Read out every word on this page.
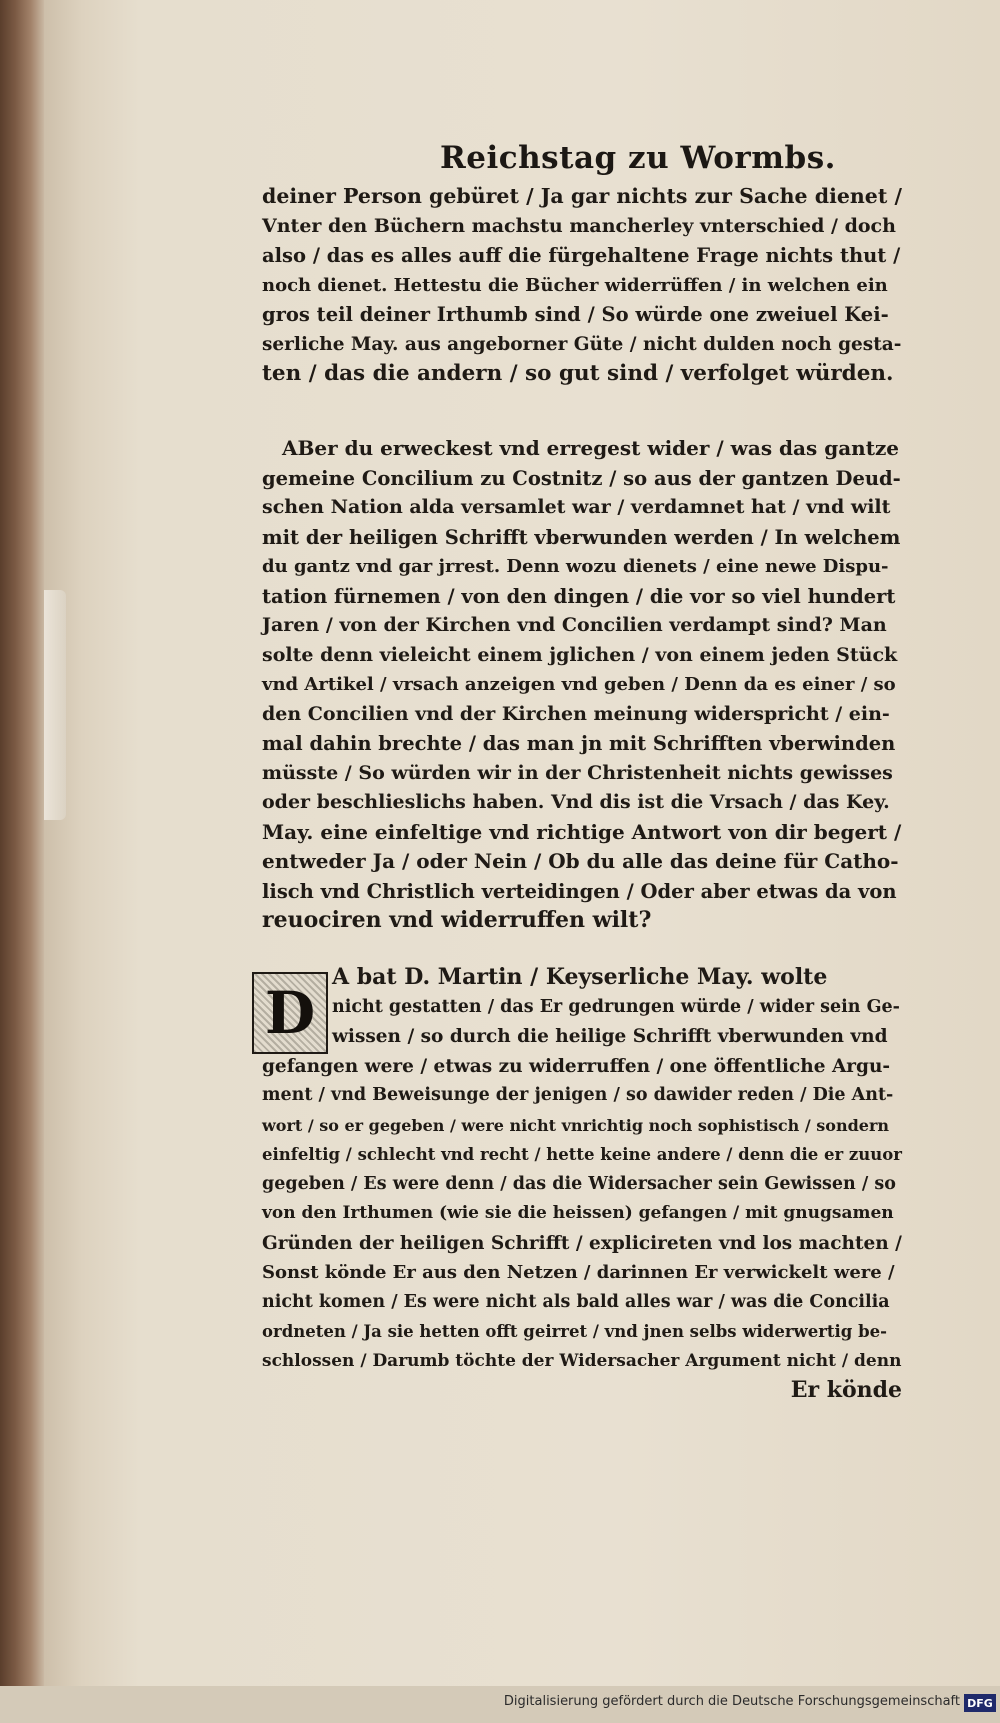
Reichstag zu Wormbs.
deiner Person gebüret / Ja gar nichts zur Sache dienet /
Vnter den Büchern machstu mancherley vnterschied / doch
also / das es alles auff die fürgehaltene Frage nichts thut /
noch dienet. Hettestu die Bücher widerrüffen / in welchen ein
gros teil deiner Irthumb sind / So würde one zweiuel Kei-
serliche May. aus angeborner Güte / nicht dulden noch gesta-
ten / das die andern / so gut sind / verfolget würden.
ABer du erweckest vnd erregest wider / was das gantze
gemeine Concilium zu Costnitz / so aus der gantzen Deud-
schen Nation alda versamlet war / verdamnet hat / vnd wilt
mit der heiligen Schrifft vberwunden werden / In welchem
du gantz vnd gar jrrest. Denn wozu dienets / eine newe Dispu-
tation fürnemen / von den dingen / die vor so viel hundert
Jaren / von der Kirchen vnd Concilien verdampt sind? Man
solte denn vieleicht einem jglichen / von einem jeden Stück
vnd Artikel / vrsach anzeigen vnd geben / Denn da es einer / so
den Concilien vnd der Kirchen meinung widerspricht / ein-
mal dahin brechte / das man jn mit Schrifften vberwinden
müsste / So würden wir in der Christenheit nichts gewisses
oder beschlieslichs haben. Vnd dis ist die Vrsach / das Key.
May. eine einfeltige vnd richtige Antwort von dir begert /
entweder Ja / oder Nein / Ob du alle das deine für Catho-
lisch vnd Christlich verteidingen / Oder aber etwas da von
reuociren vnd widerruffen wilt?
D
A bat D. Martin / Keyserliche May. wolte
nicht gestatten / das Er gedrungen würde / wider sein Ge-
wissen / so durch die heilige Schrifft vberwunden vnd
gefangen were / etwas zu widerruffen / one öffentliche Argu-
ment / vnd Beweisunge der jenigen / so dawider reden / Die Ant-
wort / so er gegeben / were nicht vnrichtig noch sophistisch / sondern
einfeltig / schlecht vnd recht / hette keine andere / denn die er zuuor
gegeben / Es were denn / das die Widersacher sein Gewissen / so
von den Irthumen (wie sie die heissen) gefangen / mit gnugsamen
Gründen der heiligen Schrifft / explicireten vnd los machten /
Sonst könde Er aus den Netzen / darinnen Er verwickelt were /
nicht komen / Es were nicht als bald alles war / was die Concilia
ordneten / Ja sie hetten offt geirret / vnd jnen selbs widerwertig be-
schlossen / Darumb töchte der Widersacher Argument nicht / denn
Er könde
Digitalisierung gefördert durch die Deutsche Forschungsgemeinschaft DFG
